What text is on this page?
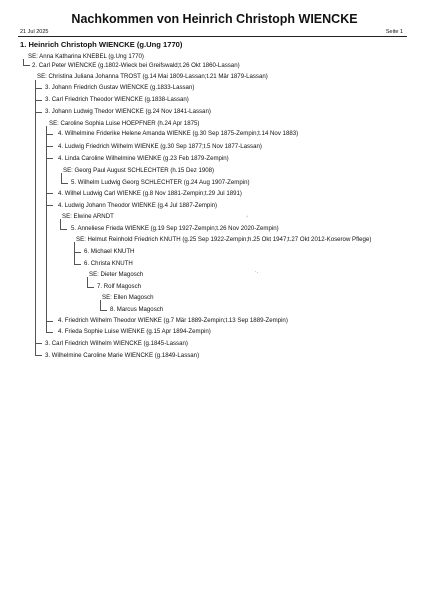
Nachkommen von Heinrich Christoph WIENCKE
21 Jul 2025	Seite 1
1. Heinrich Christoph WIENCKE (g.Ung 1770)
SE: Anna Katharina KNEBEL (g.Ung 1770)
2. Carl Peter WIENCKE (g.1802-Wieck bei Greifswald;t.26 Okt 1860-Lassan)
SE: Christina Juliana Johanna TROST (g.14 Mai 1809-Lassan;t.21 Mär 1879-Lassan)
3. Johann Friedrich Gustav WIENCKE (g.1833-Lassan)
3. Carl Friedrich Theodor WIENCKE (g.1838-Lassan)
3. Johann Ludwig Thedor WIENCKE (g.24 Nov 1841-Lassan)
SE: Caroline Sophia Luise HOEPFNER (h.24 Apr 1875)
4. Wilhelmine Friderike Helene Amanda WIENKE (g.30 Sep 1875-Zempin;t.14 Nov 1883)
4. Ludwig Friedrich Wilhelm WIENKE (g.30 Sep 1877;t.5 Nov 1877-Lassan)
4. Linda Caroline Wilhelmine WIENKE (g.23 Feb 1879-Zempin)
SE: Georg Paul August SCHLECHTER (h.15 Dez 1908)
5. Wilhelm Ludwig Georg SCHLECHTER (g.24 Aug 1907-Zempin)
4. Wilhel Ludwig Carl WIENKE (g.8 Nov 1881-Zempin;t.29 Jul 1891)
4. Ludwig Johann Theodor WIENKE (g.4 Jul 1887-Zempin)
SE: Elwine ARNDT	⸝
5. Anneliese Frieda WIENKE (g.19 Sep 1927-Zempin;t.26 Nov 2020-Zempin)
SE: Helmut Reinhold Friedrich KNUTH (g.25 Sep 1922-Zempin;h.25 Okt 1947;t.27 Okt 2012-Koserow Pflege)
6. Michael KNUTH
6. Christa KNUTH
SE: Dieter Magosch	·.
7. Rolf Magosch
SE: Ellen Magosch
8. Marcus Magosch
4. Friedrich Wilhelm Theodor WIENKE (g.7 Mär 1889-Zempin;t.13 Sep 1889-Zempin)
4. Frieda Sophie Luise WIENKE (g.15 Apr 1894-Zempin)
3. Carl Friedrich Wilhelm WIENCKE (g.1845-Lassan)
3. Wilhelmine Caroline Marie WIENCKE (g.1849-Lassan)
